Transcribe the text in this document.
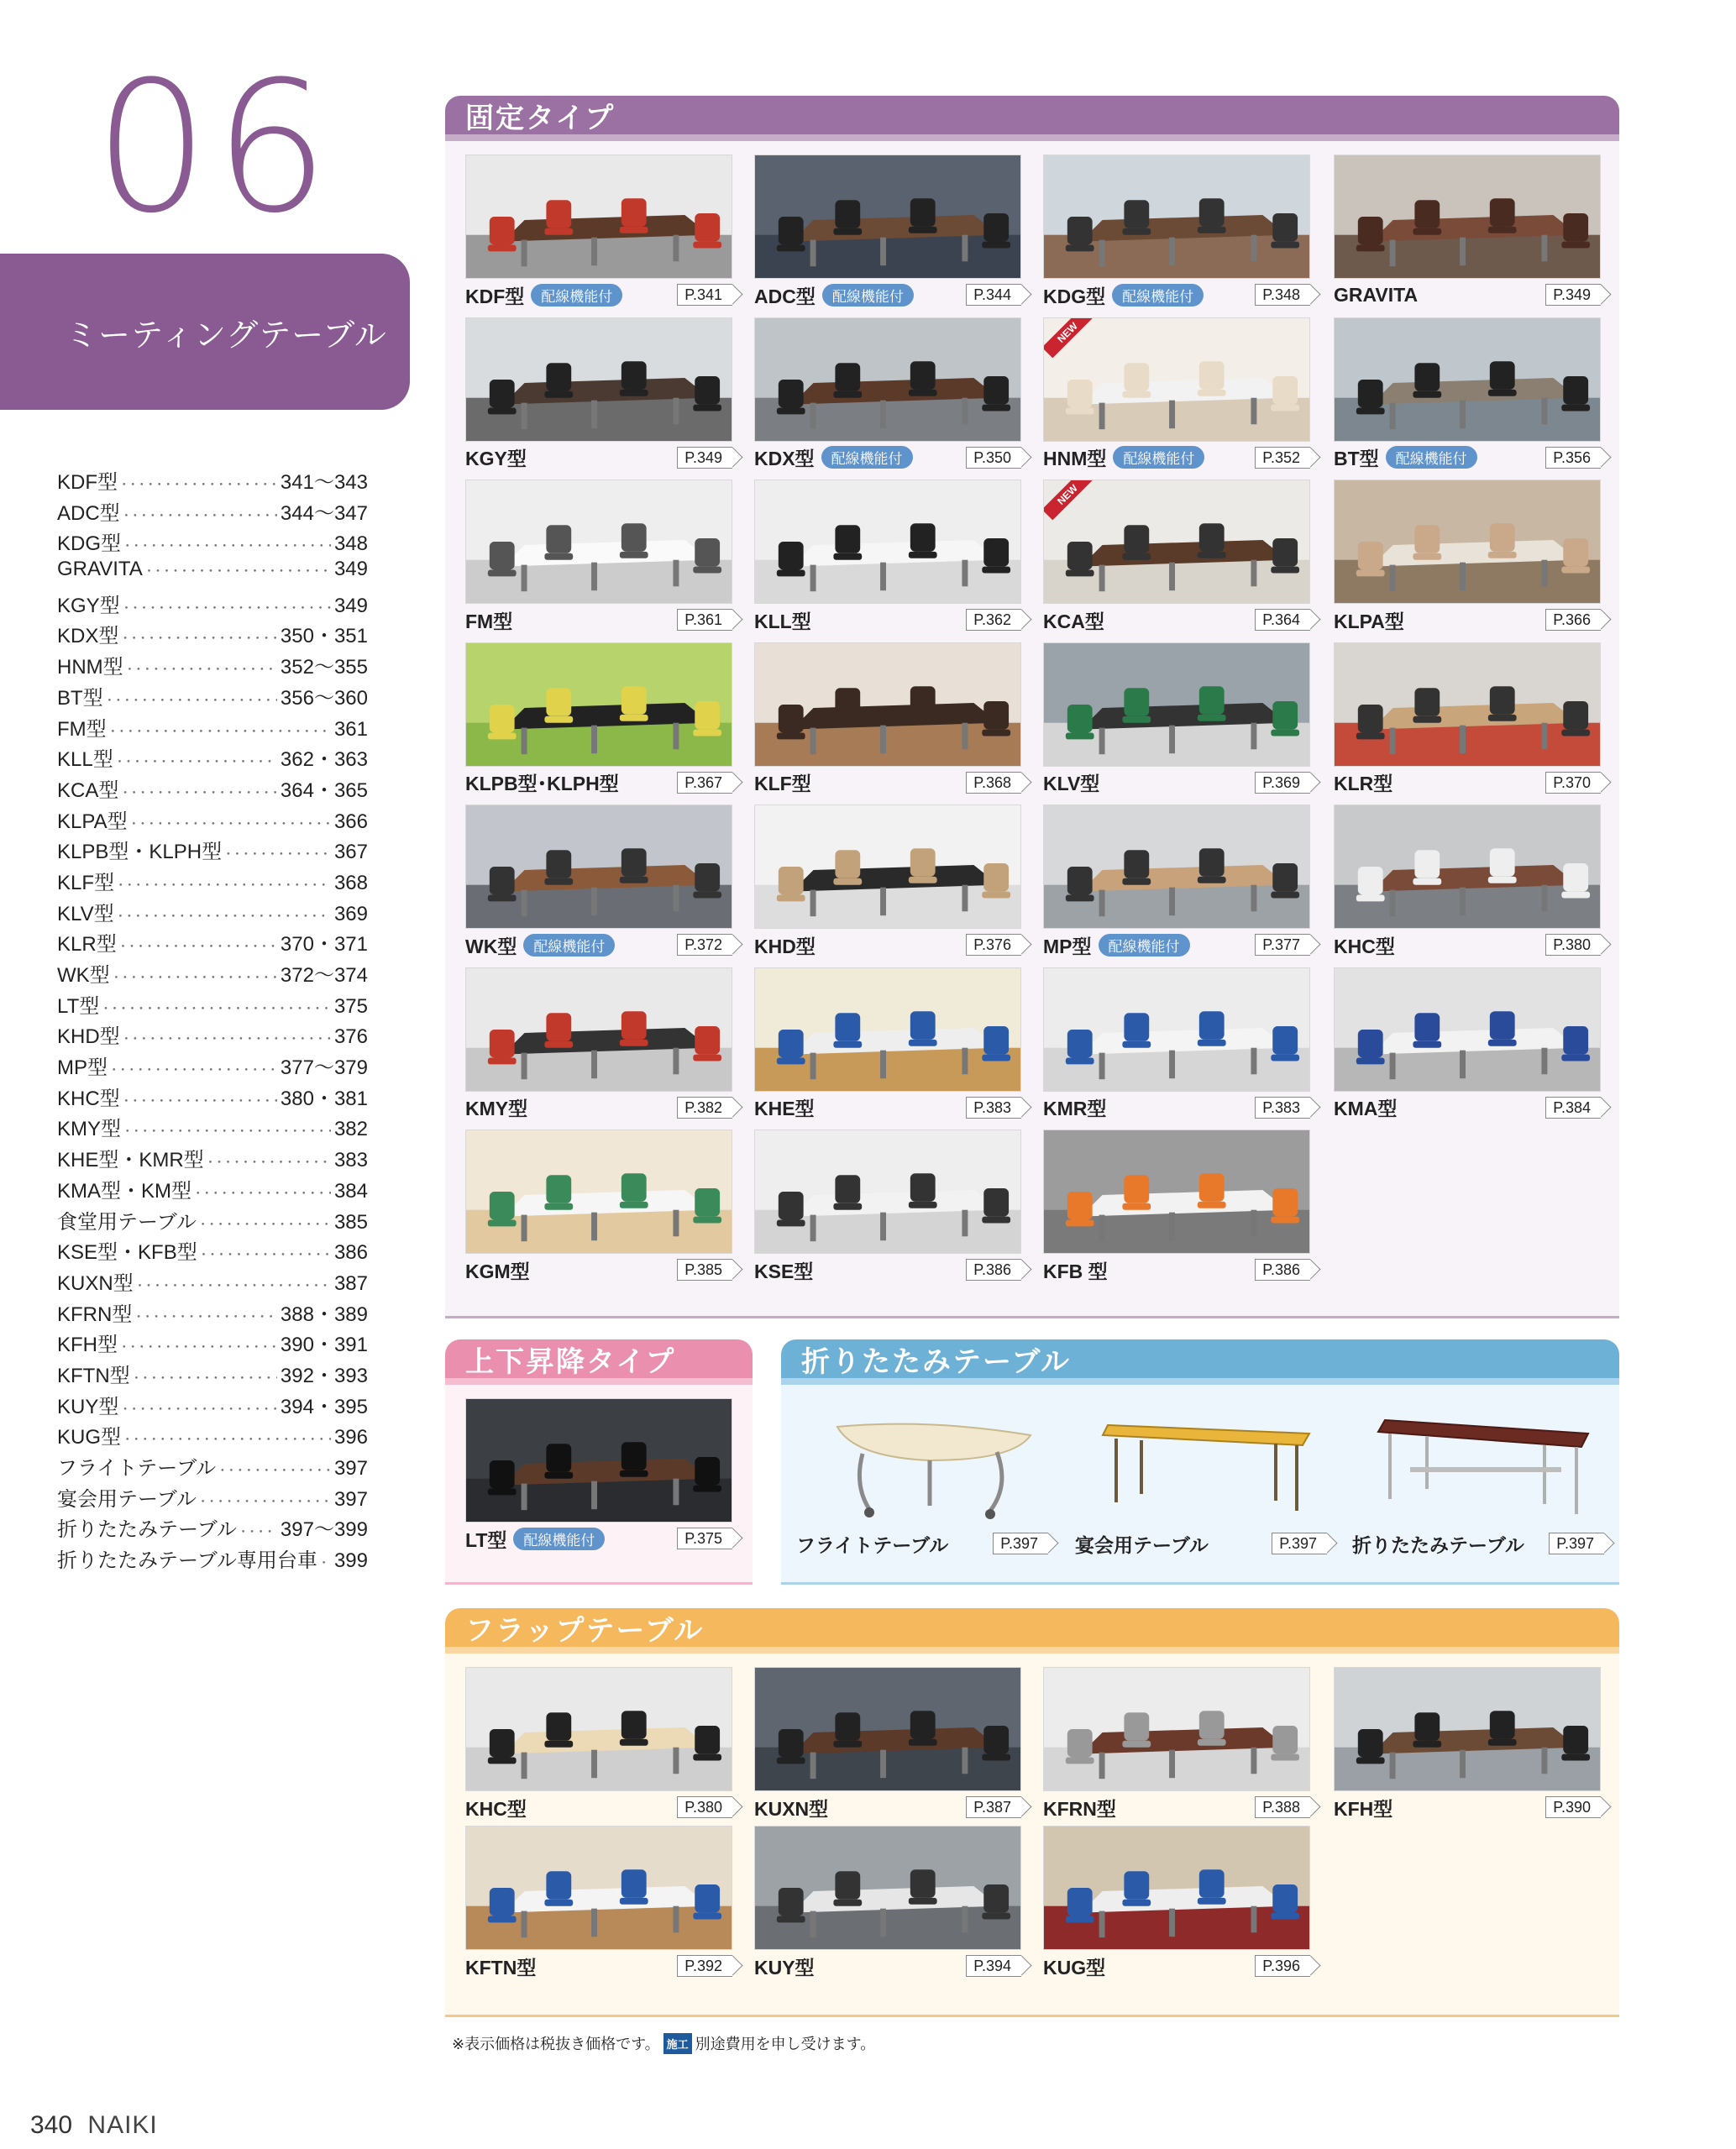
06
ミーティングテーブル
KDF型 ･･･････････････････････････････････････････････････････････････････	341～343
ADC型 ･･･････････････････････････････････････････････････････････････････	344～347
KDG型 ･･･････････････････････････････････････････････････････････････････	348
GRAVITA ･･･････････････････････････････････････････････････････････････････	349
KGY型 ･･･････････････････････････････････････････････････････････････････	349
KDX型 ･･･････････････････････････････････････････････････････････････････	350・351
HNM型 ･･･････････････････････････････････････････････････････････････････	352～355
BT型 ･･･････････････････････････････････････････････････････････････････	356～360
FM型 ･･･････････････････････････････････････････････････････････････････	361
KLL型 ･･･････････････････････････････････････････････････････････････････	362・363
KCA型 ･･･････････････････････････････････････････････････････････････････	364・365
KLPA型 ･･･････････････････････････････････････････････････････････････････	366
KLPB型・KLPH型 ･･･････････････････････････････････････････････････････････････････	367
KLF型 ･･･････････････････････････････････････････････････････････････････	368
KLV型 ･･･････････････････････････････････････････････････････････････････	369
KLR型 ･･･････････････････････････････････････････････････････････････････	370・371
WK型 ･･･････････････････････････････････････････････････････････････････	372～374
LT型 ･･･････････････････････････････････････････････････････････････････	375
KHD型 ･･･････････････････････････････････････････････････････････････････	376
MP型 ･･･････････････････････････････････････････････････････････････････	377～379
KHC型 ･･･････････････････････････････････････････････････････････････････	380・381
KMY型 ･･･････････････････････････････････････････････････････････････････	382
KHE型・KMR型 ･･･････････････････････････････････････････････････････････････････	383
KMA型・KM型 ･･･････････････････････････････････････････････････････････････････	384
食堂用テーブル ･･･････････････････････････････････････････････････････････････････	385
KSE型・KFB型 ･･･････････････････････････････････････････････････････････････････	386
KUXN型 ･･･････････････････････････････････････････････････････････････････	387
KFRN型 ･･･････････････････････････････････････････････････････････････････	388・389
KFH型 ･･･････････････････････････････････････････････････････････････････	390・391
KFTN型 ･･･････････････････････････････････････････････････････････････････	392・393
KUY型 ･･･････････････････････････････････････････････････････････････････	394・395
KUG型 ･･･････････････････････････････････････････････････････････････････	396
フライトテーブル ･･･････････････････････････････････････････････････････････････････	397
宴会用テーブル ･･･････････････････････････････････････････････････････････････････	397
折りたたみテーブル ･･･････････････････････････････････････････････････････････････････ 397～399
折りたたみテーブル専用台車 ･･･････････････････････････････････････････････････････････････････ 399
固定タイプ
KDF型	配線機能付	P.341	ADC型	配線機能付	P.344	KDG型	配線機能付	P.348	GRAVITA	P.349
KGY型	P.349	KDX型	配線機能付	P.350
NEW
HNM型	配線機能付	P.352	BT型	配線機能付	P.356
FM型	P.361	KLL型	P.362
NEW
KCA型	P.364	KLPA型	P.366
KLPB型･KLPH型	P.367	KLF型	P.368	KLV型	P.369	KLR型	P.370
WK型	配線機能付	P.372	KHD型	P.376	MP型	配線機能付	P.377	KHC型	P.380
KMY型	P.382	KHE型	P.383	KMR型	P.383	KMA型	P.384
KGM型	P.385	KSE型	P.386	KFB 型	P.386
上下昇降タイプ
LT型	配線機能付	P.375
折りたたみテーブル
フライトテーブル	P.397	宴会用テーブル	P.397	折りたたみテーブル	P.397
フラップテーブル
KHC型	P.380	KUXN型	P.387	KFRN型	P.388	KFH型	P.390
KFTN型	P.392	KUY型	P.394	KUG型	P.396
※表示価格は税抜き価格です。 施工 別途費用を申し受けます。
340 NAIKI
